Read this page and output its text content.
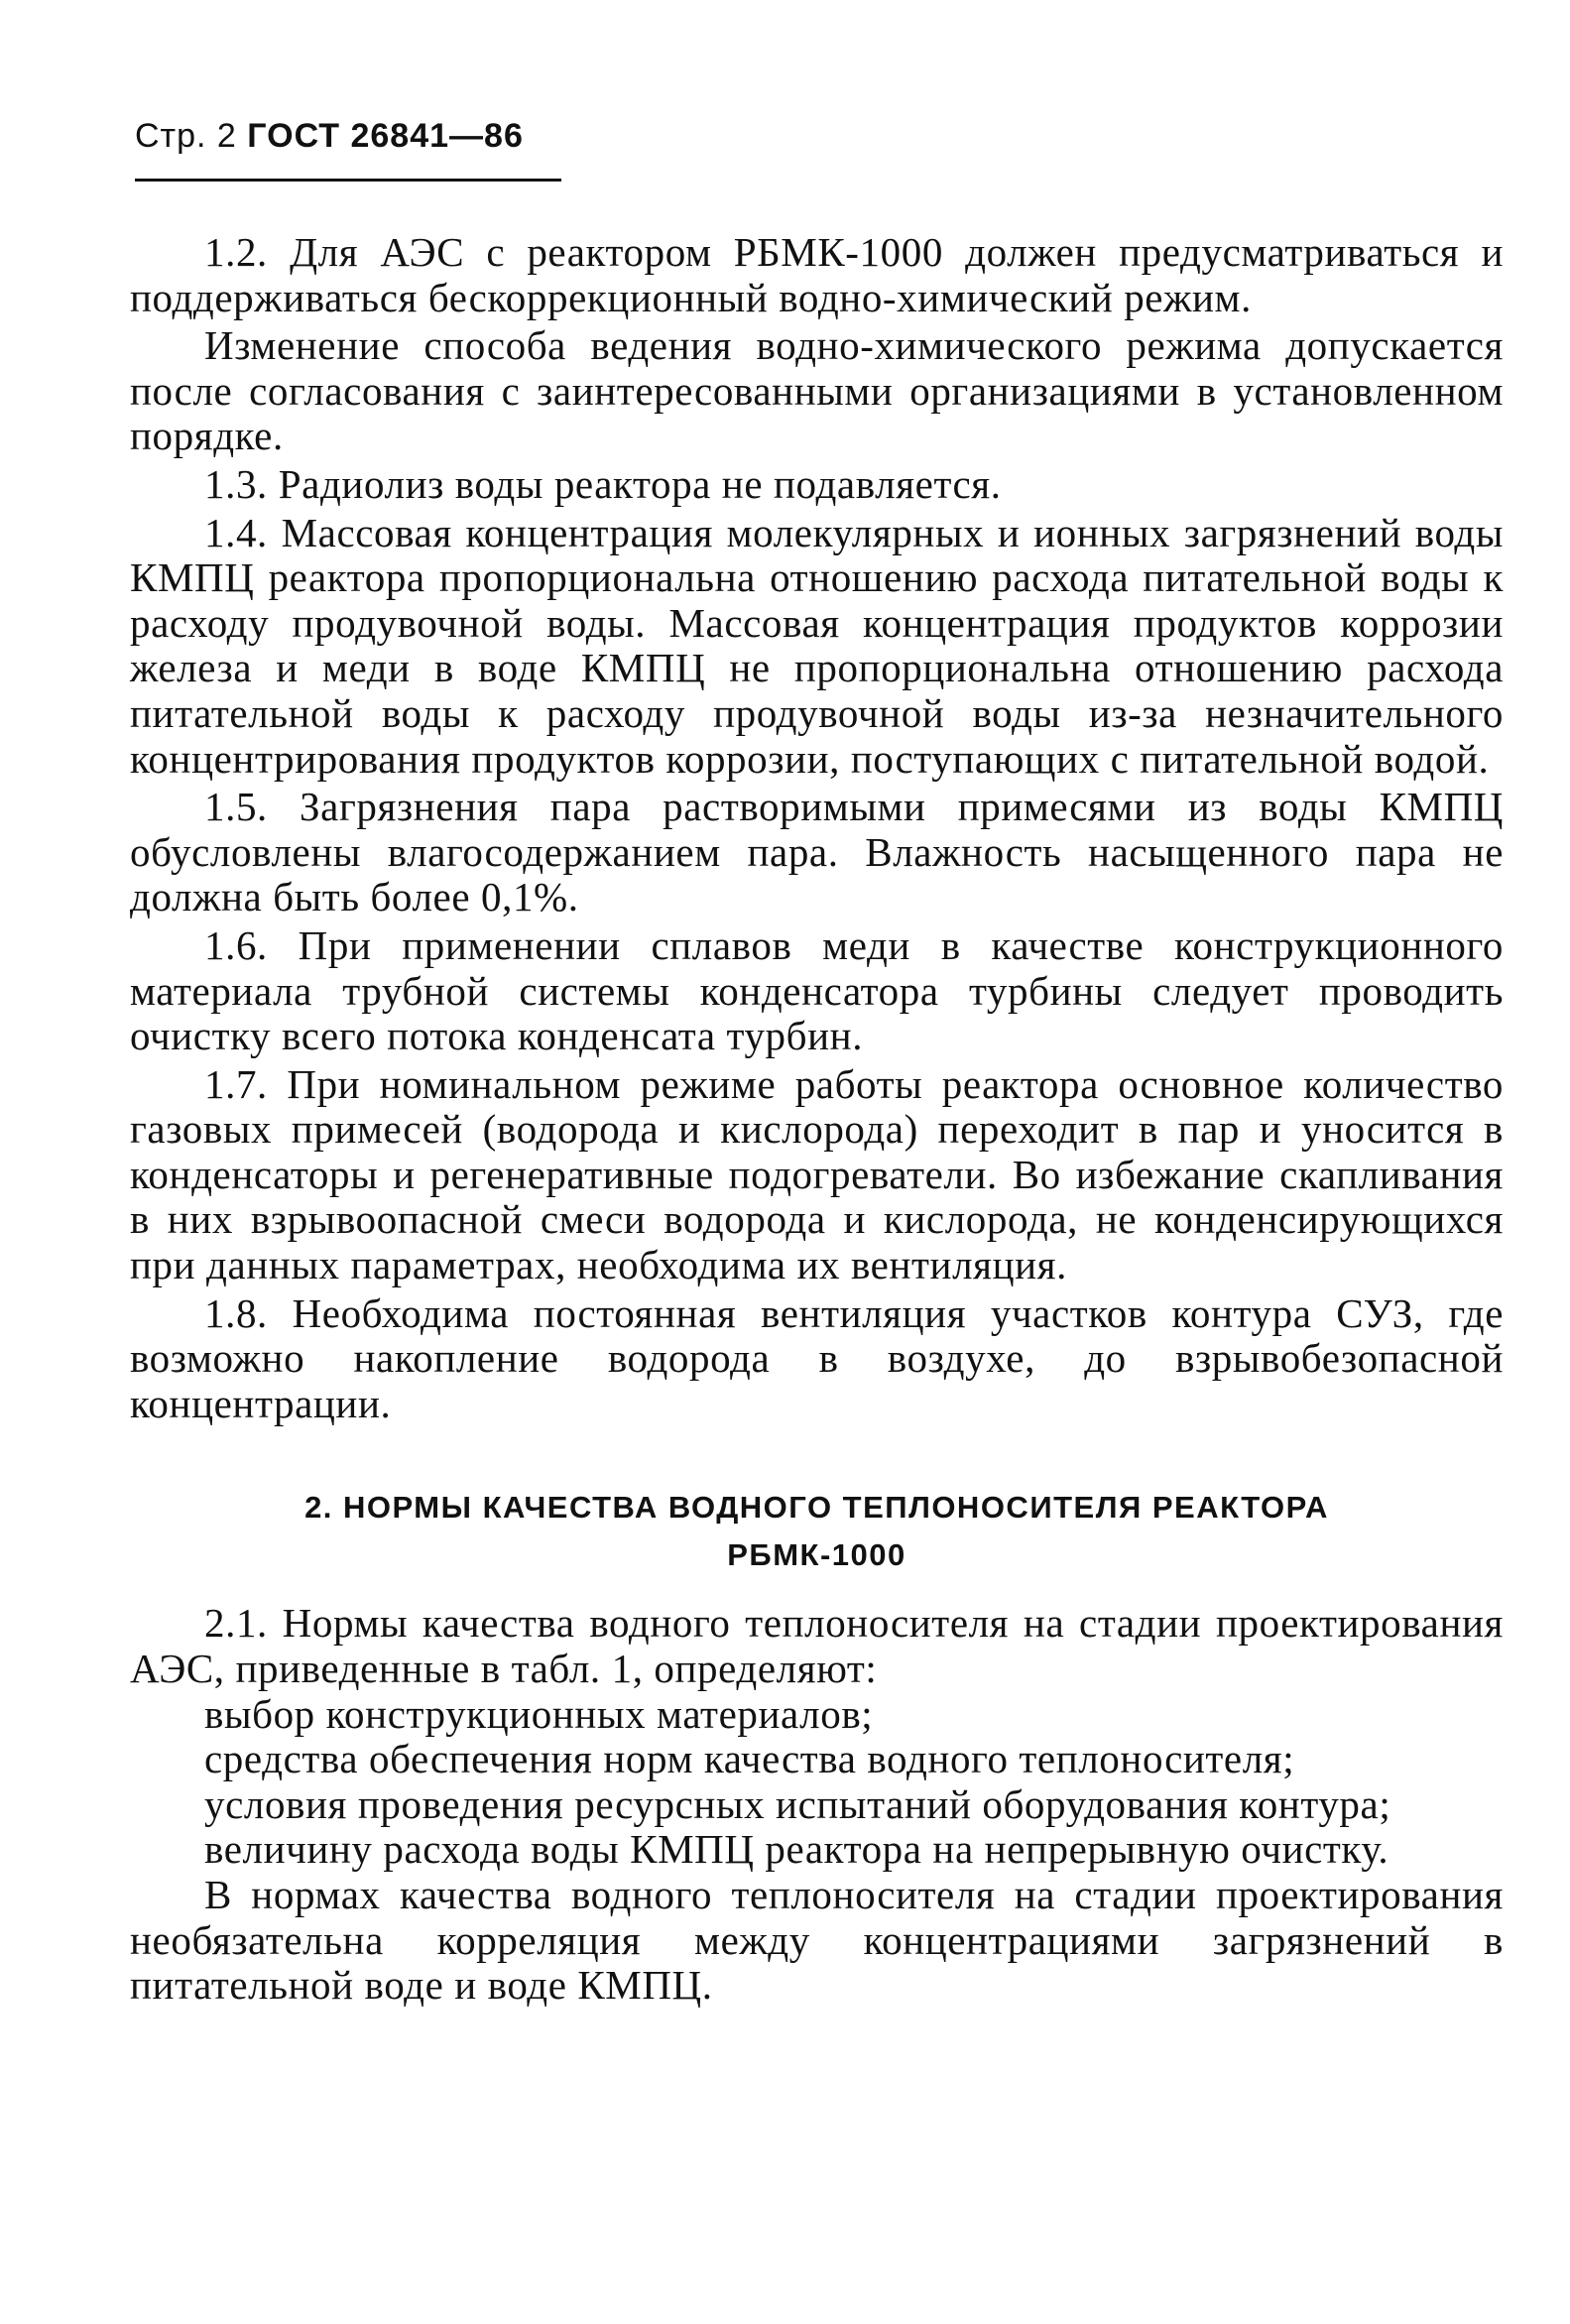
Стр. 2 ГОСТ 26841—86

1.2. Для АЭС с реактором РБМК-1000 должен предусматриваться и поддерживаться бескоррекционный водно-химический режим.

Изменение способа ведения водно-химического режима допускается после согласования с заинтересованными организациями в установленном порядке.

1.3. Радиолиз воды реактора не подавляется.

1.4. Массовая концентрация молекулярных и ионных загрязнений воды КМПЦ реактора пропорциональна отношению расхода питательной воды к расходу продувочной воды. Массовая концентрация продуктов коррозии железа и меди в воде КМПЦ не пропорциональна отношению расхода питательной воды к расходу продувочной воды из-за незначительного концентрирования продуктов коррозии, поступающих с питательной водой.

1.5. Загрязнения пара растворимыми примесями из воды КМПЦ обусловлены влагосодержанием пара. Влажность насыщенного пара не должна быть более 0,1%.

1.6. При применении сплавов меди в качестве конструкционного материала трубной системы конденсатора турбины следует проводить очистку всего потока конденсата турбин.

1.7. При номинальном режиме работы реактора основное количество газовых примесей (водорода и кислорода) переходит в пар и уносится в конденсаторы и регенеративные подогреватели. Во избежание скапливания в них взрывоопасной смеси водорода и кислорода, не конденсирующихся при данных параметрах, необходима их вентиляция.

1.8. Необходима постоянная вентиляция участков контура СУЗ, где возможно накопление водорода в воздухе, до взрывобезопасной концентрации.

2. НОРМЫ КАЧЕСТВА ВОДНОГО ТЕПЛОНОСИТЕЛЯ РЕАКТОРА
РБМК-1000

2.1. Нормы качества водного теплоносителя на стадии проектирования АЭС, приведенные в табл. 1, определяют:

выбор конструкционных материалов;

средства обеспечения норм качества водного теплоносителя;

условия проведения ресурсных испытаний оборудования контура;

величину расхода воды КМПЦ реактора на непрерывную очистку.

В нормах качества водного теплоносителя на стадии проектирования необязательна корреляция между концентрациями загрязнений в питательной воде и воде КМПЦ.
